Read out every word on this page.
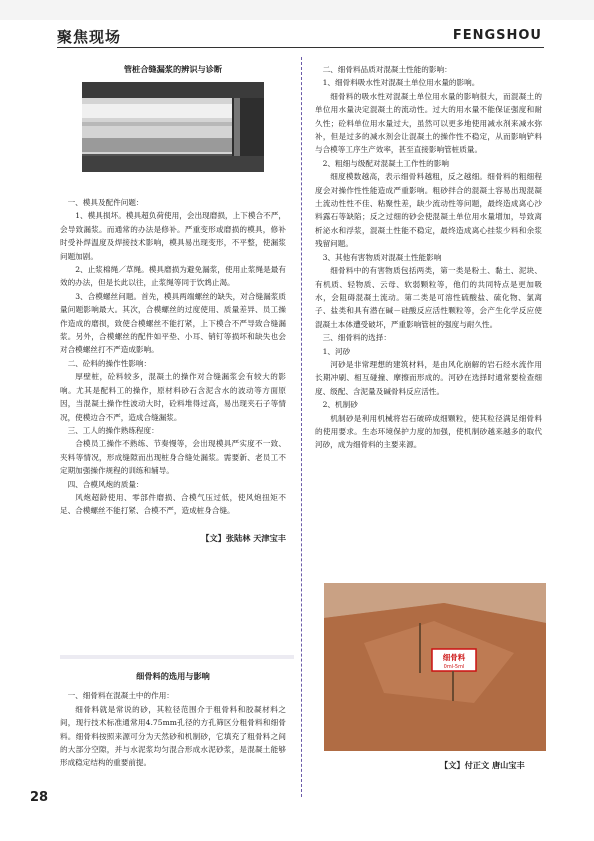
聚焦现场	FENGSHOU
管桩合缝漏浆的辨识与诊断

一、模具及配件问题：

1、模具损坏。模具超负荷使用，会出现磨损，上下模合不严，会导致漏浆。而通常的办法是修补。严重变形或磨损的模具，修补时受补焊温度及焊接技术影响，模具易出现变形，不平整，使漏浆问题加剧。

2、止浆棉绳／草绳。模具磨损为避免漏浆，使用止浆绳是最有效的办法，但是长此以往，止浆绳等同于饮鸩止渴。

3、合模螺丝问题。首先，模具两端螺丝的缺失，对合缝漏浆质量问题影响最大。其次，合模螺丝的过度使用、质量差异、员工操作造成的磨损，致使合模螺丝不能打紧，上下模合不严导致合缝漏浆。另外，合模螺丝的配件如平垫、小耳、销钉等损坏和缺失也会对合模螺丝打不严造成影响。

二、砼料的操作性影响：

厚壁桩，砼料较多，混凝土的操作对合缝漏浆会有较大的影响。尤其是配料工的操作，原材料砂石含泥含水的波动等方面原因，当混凝土操作性波动大时，砼料堆得过高，易出现夹石子等情况，使模边合不严，造成合缝漏浆。

三、工人的操作熟练程度：

合模员工操作不熟练、节奏慢等，会出现模具严实度不一致、夹料等情况，形成缝隙而出现桩身合缝处漏浆。需要新、老员工不定期加强操作规程的训练和辅导。

四、合模风炮的质量：

风炮超龄使用、零部件磨损、合模气压过低，使风炮扭矩不足、合模螺丝不能打紧、合模不严，造成桩身合缝。

【文】张陆林 天津宝丰
细骨料的选用与影响

一、细骨料在混凝土中的作用：

细骨料就是常说的砂，其粒径范围介于粗骨料和胶凝材料之间，现行技术标准通常用4.75mm孔径的方孔筛区分粗骨料和细骨料。细骨料按照来源可分为天然砂和机制砂，它填充了粗骨料之间的大部分空隙，并与水泥浆均匀混合形成水泥砂浆，是混凝土能够形成稳定结构的重要前提。

二、细骨料品质对混凝土性能的影响：

1、细骨料吸水性对混凝土单位用水量的影响。

细骨料的吸水性对混凝土单位用水量的影响很大，而混凝土的单位用水量决定混凝土的流动性。过大的用水量不能保证强度和耐久性；砼料单位用水量过大，虽然可以更多地使用减水剂来减水弥补，但是过多的减水剂会让混凝土的操作性不稳定，从而影响铲料与合模等工序生产效率，甚至直接影响管桩质量。

2、粗细与级配对混凝土工作性的影响

细度模数越高，表示细骨料越粗，反之越细。细骨料的粗细程度会对操作性性能造成严重影响。粗砂拌合的混凝土容易出现混凝土流动性性不佳、粘聚性差，缺少流动性等问题，最终造成离心沙料露石等缺陷；反之过细的砂会使混凝土单位用水量增加，导致离析泌水和浮浆，混凝土性能不稳定，最终造成离心挂浆少料和余浆残留问题。

3、其他有害物质对混凝土性能影响

细骨料中的有害物质包括两类，第一类是粉土、黏土、泥块、有机质、轻物质、云母、软弱颗粒等，他们的共同特点是更加吸水，会阻碍混凝土流动。第二类是可溶性硫酸盐、硫化物、氯离子、盐类和具有潜在碱－硅酸反应活性颗粒等，会产生化学反应使混凝土本体遭受破坏，严重影响管桩的强度与耐久性。

三、细骨料的选择：

1、河砂

河砂是非常理想的建筑材料，是由风化崩解的岩石经水流作用长期冲刷、相互碰撞、摩擦而形成的。河砂在选择时通常要检查细度、级配、含泥量及碱骨料反应活性。

2、机制砂

机制砂是利用机械将岩石破碎成细颗粒，使其粒径满足细骨料的使用要求。生态环境保护力度的加强，使机制砂越来越多的取代河砂，成为细骨料的主要来源。

细骨料
0ml-5ml
【文】付正文 唐山宝丰
28
